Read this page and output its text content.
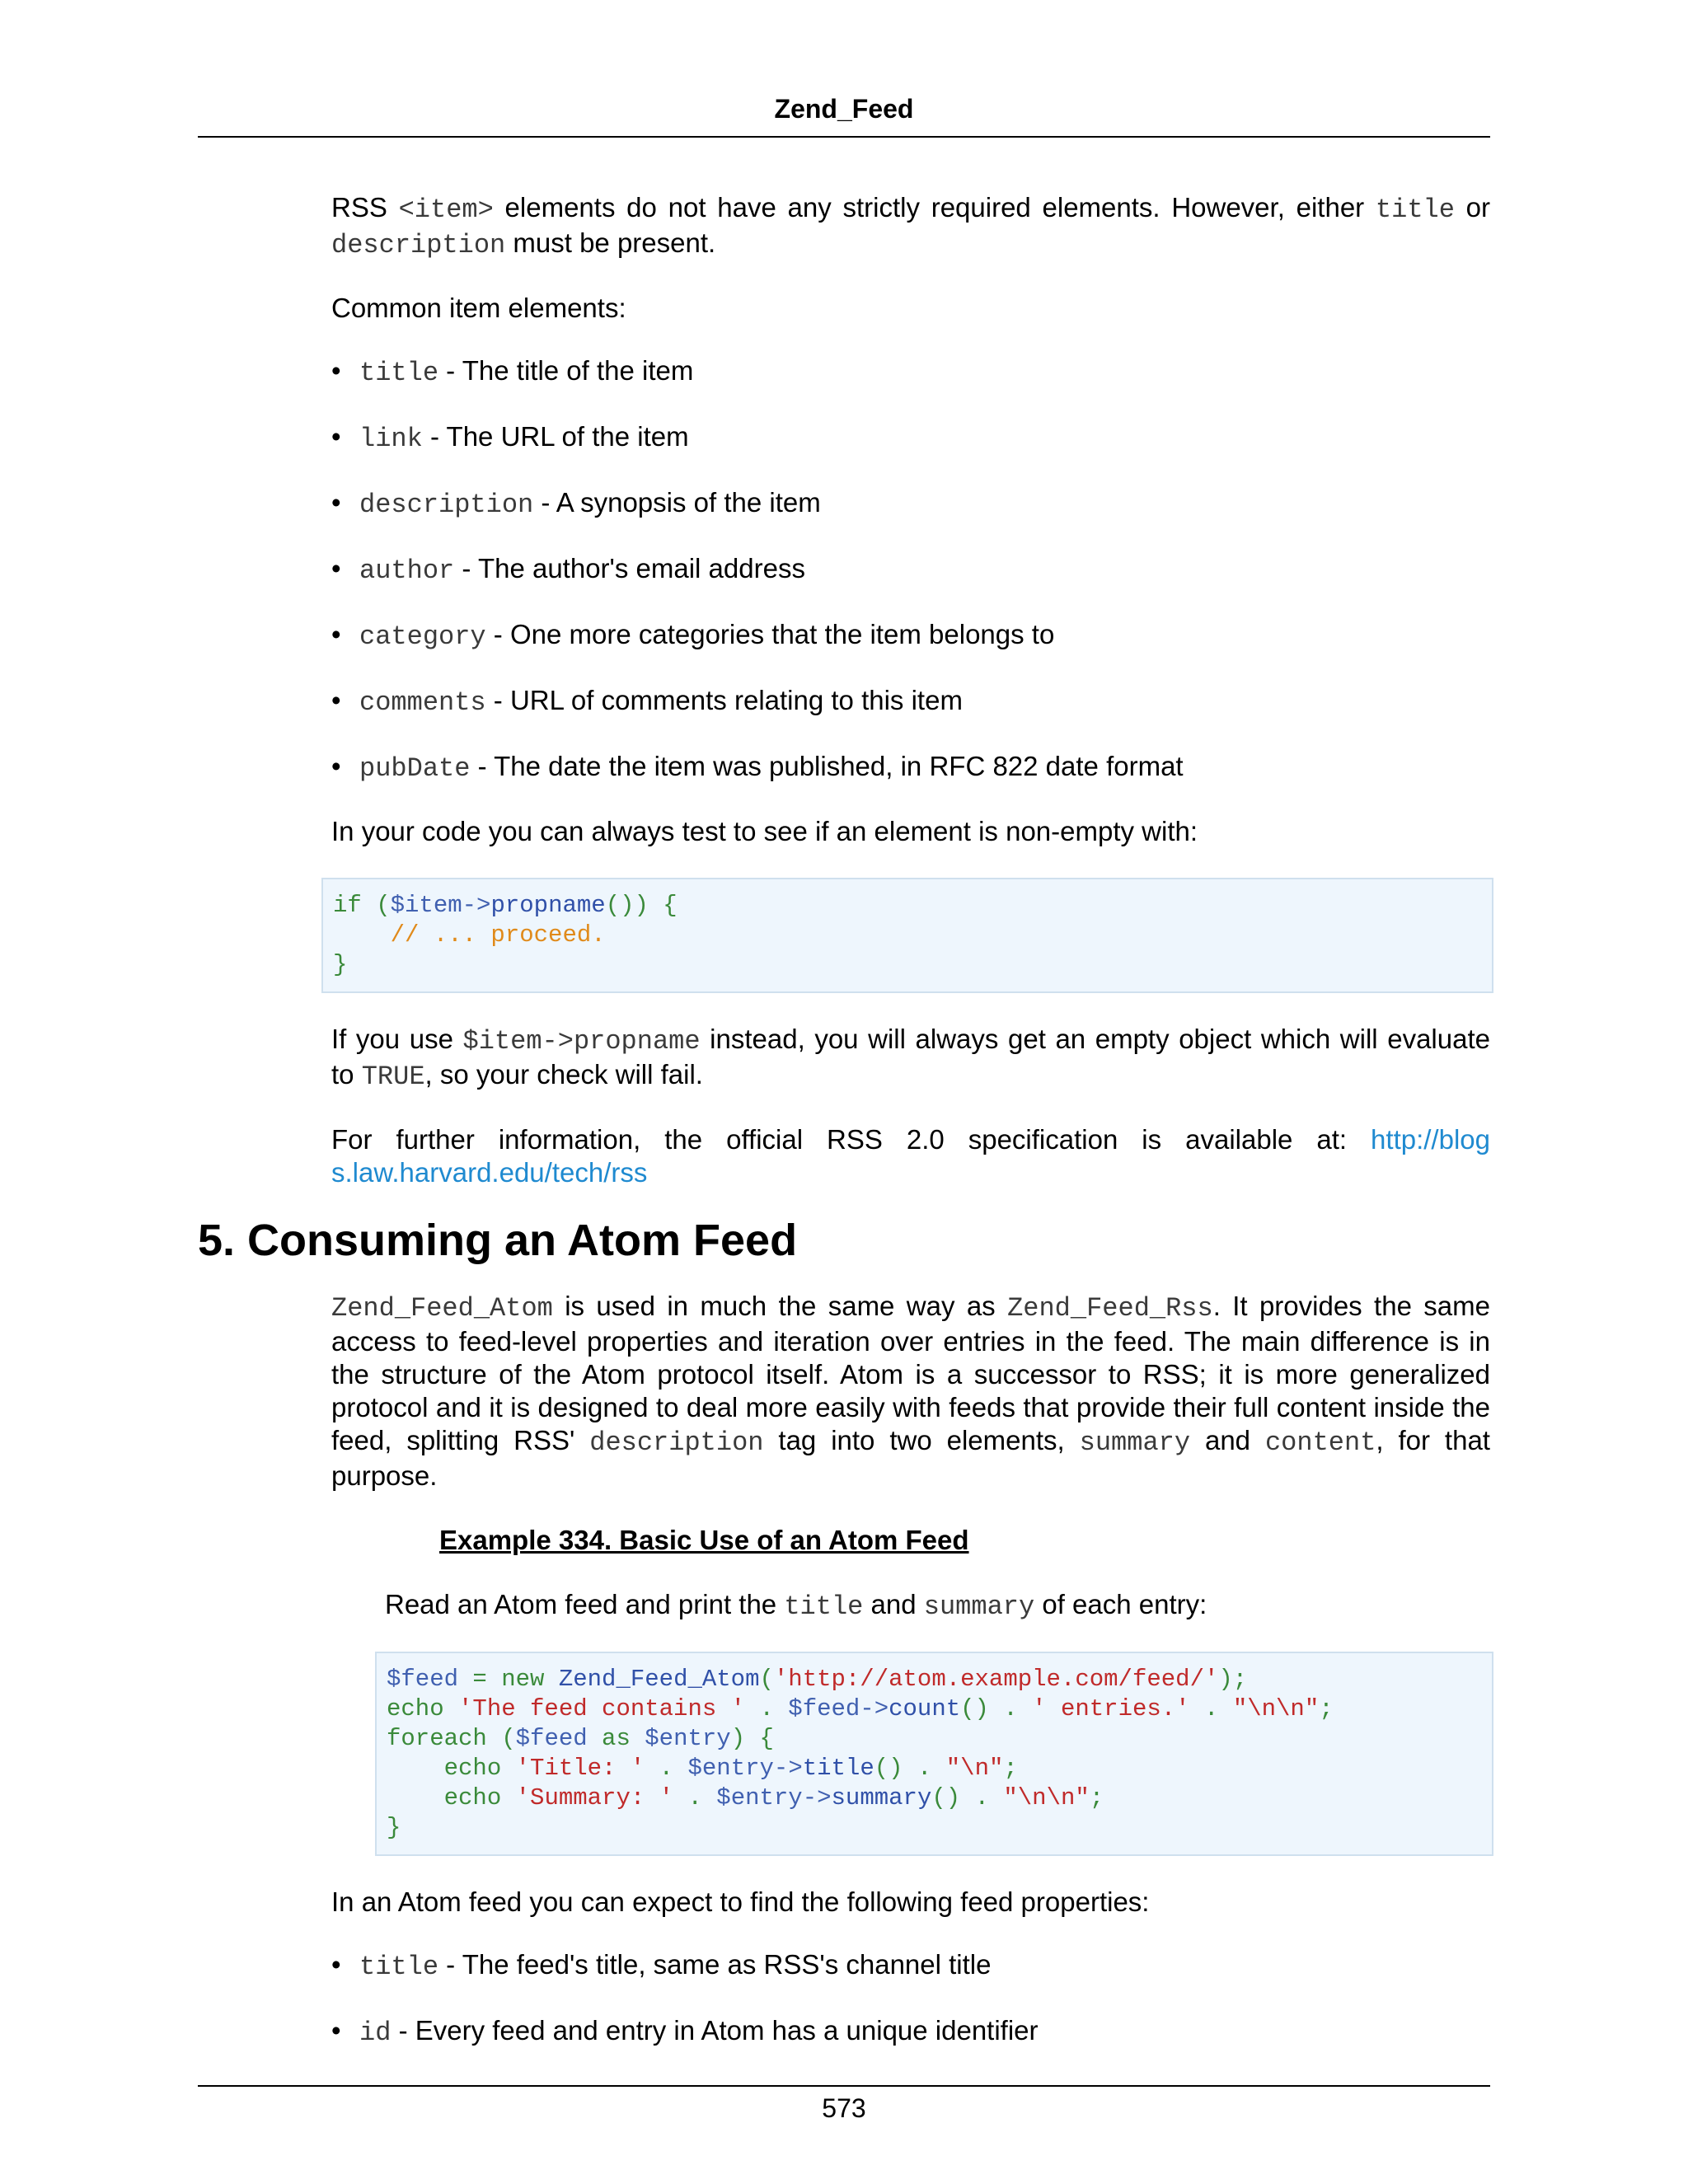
Zend_Feed

RSS <item> elements do not have any strictly required elements. However, either title or description must be present.

Common item elements:

• title - The title of the item
• link - The URL of the item
• description - A synopsis of the item
• author - The author's email address
• category - One more categories that the item belongs to
• comments - URL of comments relating to this item
• pubDate - The date the item was published, in RFC 822 date format

In your code you can always test to see if an element is non-empty with:

if ($item->propname()) {
// ... proceed.
}

If you use $item->propname instead, you will always get an empty object which will evaluate to TRUE, so your check will fail.

For further information, the official RSS 2.0 specification is available at: http://blogs.law.harvard.edu/tech/rss

5. Consuming an Atom Feed

Zend_Feed_Atom is used in much the same way as Zend_Feed_Rss. It provides the same access to feed-level properties and iteration over entries in the feed. The main difference is in the structure of the Atom protocol itself. Atom is a successor to RSS; it is more generalized protocol and it is designed to deal more easily with feeds that provide their full content inside the feed, splitting RSS' description tag into two elements, summary and content, for that purpose.

Example 334. Basic Use of an Atom Feed

Read an Atom feed and print the title and summary of each entry:

$feed = new Zend_Feed_Atom('http://atom.example.com/feed/');
echo 'The feed contains ' . $feed->count() . ' entries.' . "\n\n";
foreach ($feed as $entry) {
echo 'Title: ' . $entry->title() . "\n";
echo 'Summary: ' . $entry->summary() . "\n\n";
}

In an Atom feed you can expect to find the following feed properties:

• title - The feed's title, same as RSS's channel title
• id - Every feed and entry in Atom has a unique identifier
573
